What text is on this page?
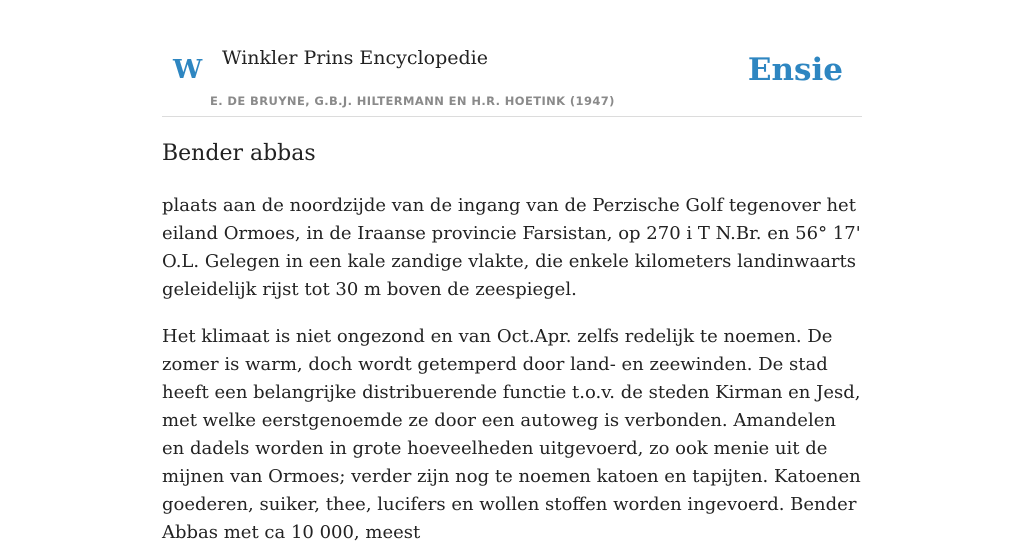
W Winkler Prins Encyclopedie
E. DE BRUYNE, G.B.J. HILTERMANN EN H.R. HOETINK (1947)
Ensie
Bender abbas

plaats aan de noordzijde van de ingang van de Perzische Golf tegenover het eiland Ormoes, in de Iraanse provincie Farsistan, op 270 i T N.Br. en 56° 17' O.L. Gelegen in een kale zandige vlakte, die enkele kilometers landinwaarts geleidelijk rijst tot 30 m boven de zeespiegel.

Het klimaat is niet ongezond en van Oct.Apr. zelfs redelijk te noemen. De zomer is warm, doch wordt getemperd door land- en zeewinden. De stad heeft een belangrijke distribuerende functie t.o.v. de steden Kirman en Jesd, met welke eerstgenoemde ze door een autoweg is verbonden. Amandelen en dadels worden in grote hoeveelheden uitgevoerd, zo ook menie uit de mijnen van Ormoes; verder zijn nog te noemen katoen en tapijten. Katoenen goederen, suiker, thee, lucifers en wollen stoffen worden ingevoerd. Bender Abbas met ca 10 000, meest
